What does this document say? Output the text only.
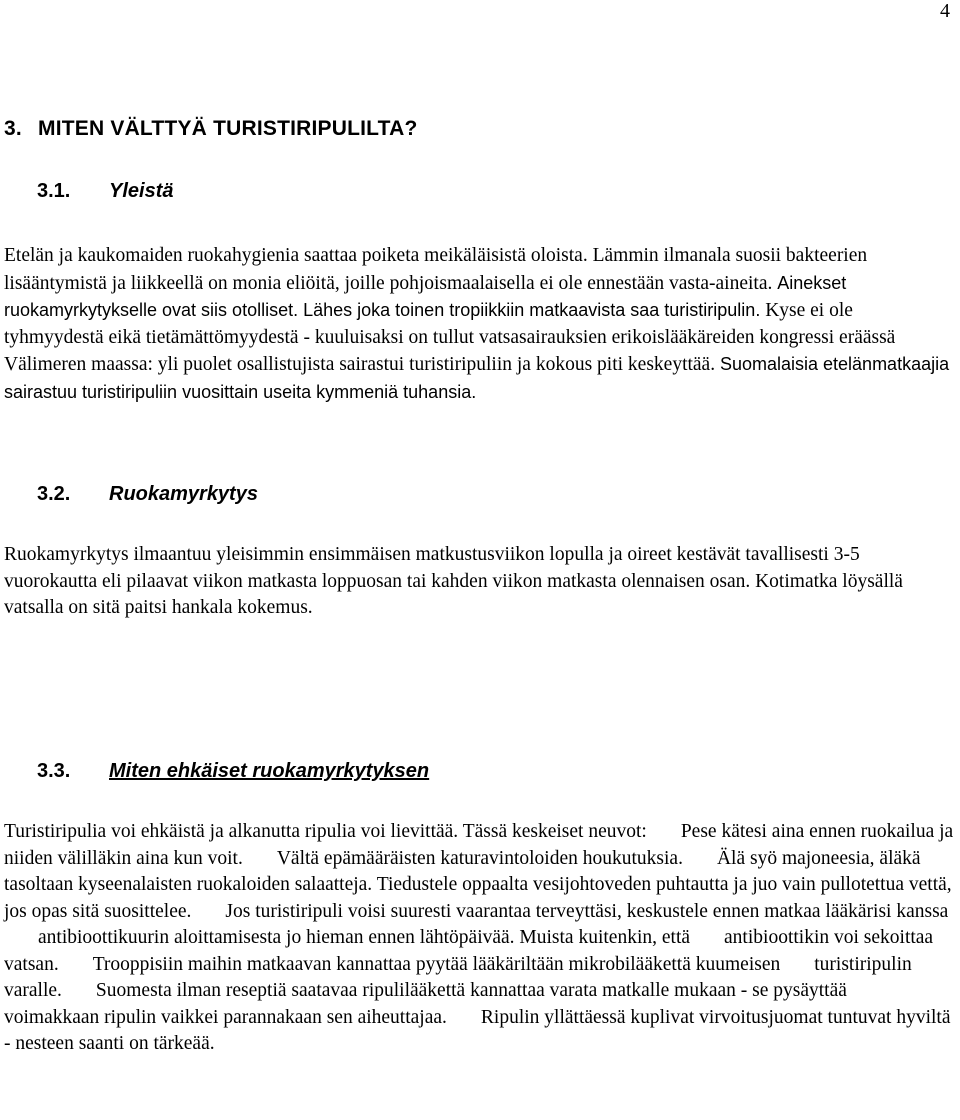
4
3. MITEN VÄLTTYÄ TURISTIRIPULILTA?
3.1. Yleistä
Etelän ja kaukomaiden ruokahygienia saattaa poiketa meikäläisistä oloista. Lämmin ilmanala suosii bakteerien lisääntymistä ja liikkeellä on monia eliöitä, joille pohjoismaalaisella ei ole ennestään vasta-aineita. Ainekset ruokamyrkytykselle ovat siis otolliset. Lähes joka toinen tropiikkiin matkaavista saa turistiripulin. Kyse ei ole tyhmyydestä eikä tietämättömyydestä - kuuluisaksi on tullut vatsasairauksien erikoislääkäreiden kongressi eräässä Välimeren maassa: yli puolet osallistujista sairastui turistiripuliin ja kokous piti keskeyttää. Suomalaisia etelänmatkaajia sairastuu turistiripuliin vuosittain useita kymmeniä tuhansia.
3.2. Ruokamyrkytys
Ruokamyrkytys ilmaantuu yleisimmin ensimmäisen matkustusviikon lopulla ja oireet kestävät tavallisesti 3-5 vuorokautta eli pilaavat viikon matkasta loppuosan tai kahden viikon matkasta olennaisen osan. Kotimatka löysällä vatsalla on sitä paitsi hankala kokemus.
3.3. Miten ehkäiset ruokamyrkytyksen
Turistiripulia voi ehkäistä ja alkanutta ripulia voi lievittää. Tässä keskeiset neuvot: Pese kätesi aina ennen ruokailua ja niiden välilläkin aina kun voit. Vältä epämääräisten katuravintoloiden houkutuksia. Älä syö majoneesia, äläkä tasoltaan kyseenalaisten ruokaloiden salaatteja. Tiedustele oppaalta vesijohtoveden puhtautta ja juo vain pullotettua vettä, jos opas sitä suosittelee. Jos turistiripuli voisi suuresti vaarantaa terveyttäsi, keskustele ennen matkaa lääkärisi kanssaantibioottikuurin aloittamisesta jo hieman ennen lähtöpäivää. Muista kuitenkin, että antibioottikin voi sekoittaa vatsan. Trooppisiin maihin matkaavan kannattaa pyytää lääkäriltään mikrobilääkettä kuumeisen turistiripulin varalle. Suomesta ilman reseptiä saatavaa ripulilääkettä kannattaa varata matkalle mukaan - se pysäyttäävoimakkaan ripulin vaikkei parannakaan sen aiheuttajaa. Ripulin yllättäessä kuplivat virvoitusjuomat tuntuvat hyviltä - nesteen saanti on tärkeää.
